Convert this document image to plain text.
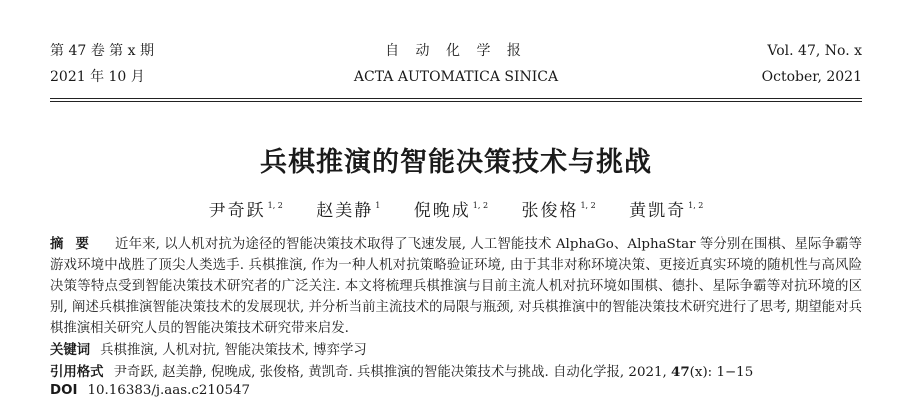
第 47 卷 第 x 期	自 动 化 学 报	Vol. 47, No. x
2021 年 10 月	ACTA AUTOMATICA SINICA	October, 2021
兵棋推演的智能决策技术与挑战
尹奇跃 $^{1, 2}$ 赵美静 $^1$ 倪晚成 $^{1, 2}$ 张俊格 $^{1, 2}$ 黄凯奇 $^{1, 2}$
摘要 近年来, 以人机对抗为途径的智能决策技术取得了飞速发展, 人工智能技术 AlphaGo、AlphaStar 等分别在围棋、星际争霸等游戏环境中战胜了顶尖人类选手. 兵棋推演, 作为一种人机对抗策略验证环境, 由于其非对称环境决策、更接近真实环境的随机性与高风险决策等特点受到智能决策技术研究者的广泛关注. 本文将梳理兵棋推演与目前主流人机对抗环境如围棋、德扑、星际争霸等对抗环境的区别, 阐述兵棋推演智能决策技术的发展现状, 并分析当前主流技术的局限与瓶颈, 对兵棋推演中的智能决策技术研究进行了思考, 期望能对兵棋推演相关研究人员的智能决策技术研究带来启发.
关键词 兵棋推演, 人机对抗, 智能决策技术, 博弈学习
引用格式 尹奇跃, 赵美静, 倪晚成, 张俊格, 黄凯奇. 兵棋推演的智能决策技术与挑战. 自动化学报, 2021, 47(x): 1−15
DOI 10.16383/j.aas.c210547
